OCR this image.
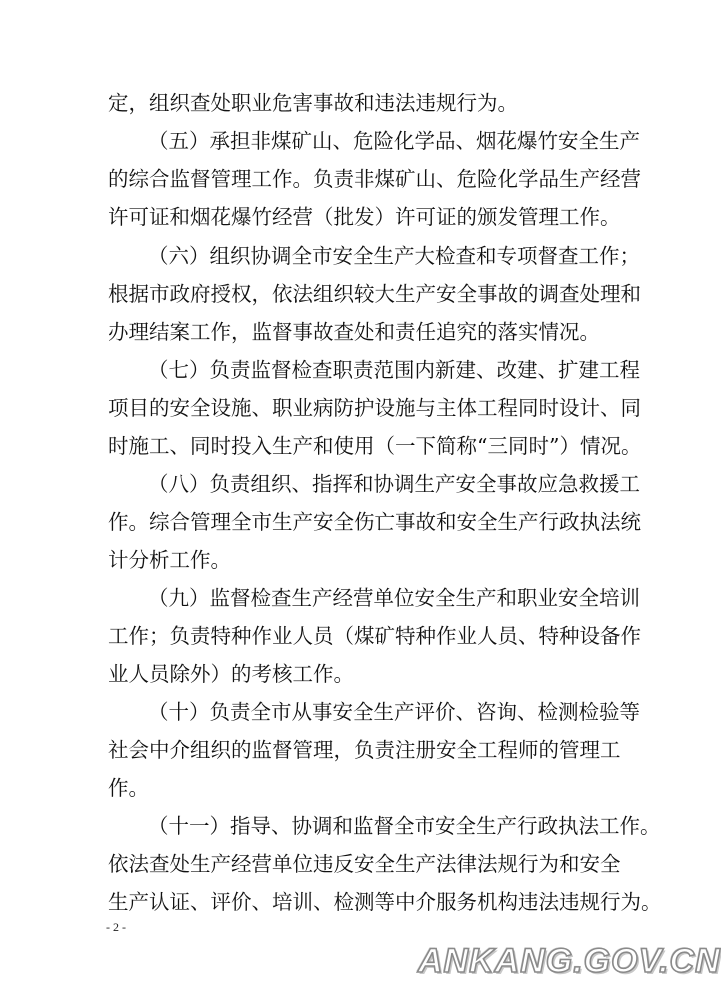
定，组织查处职业危害事故和违法违规行为。
（五）承担非煤矿山、危险化学品、烟花爆竹安全生产
的综合监督管理工作。负责非煤矿山、危险化学品生产经营
许可证和烟花爆竹经营（批发）许可证的颁发管理工作。
（六）组织协调全市安全生产大检查和专项督查工作；
根据市政府授权，依法组织较大生产安全事故的调查处理和
办理结案工作，监督事故查处和责任追究的落实情况。
（七）负责监督检查职责范围内新建、改建、扩建工程
项目的安全设施、职业病防护设施与主体工程同时设计、同
时施工、同时投入生产和使用（一下简称“三同时”）情况。
（八）负责组织、指挥和协调生产安全事故应急救援工
作。综合管理全市生产安全伤亡事故和安全生产行政执法统
计分析工作。
（九）监督检查生产经营单位安全生产和职业安全培训
工作；负责特种作业人员（煤矿特种作业人员、特种设备作
业人员除外）的考核工作。
（十）负责全市从事安全生产评价、咨询、检测检验等
社会中介组织的监督管理，负责注册安全工程师的管理工
作。
（十一）指导、协调和监督全市安全生产行政执法工作。
依法查处生产经营单位违反安全生产法律法规行为和安全
生产认证、评价、培训、检测等中介服务机构违法违规行为。
- 2 -
ANKANG.GOV.CN
